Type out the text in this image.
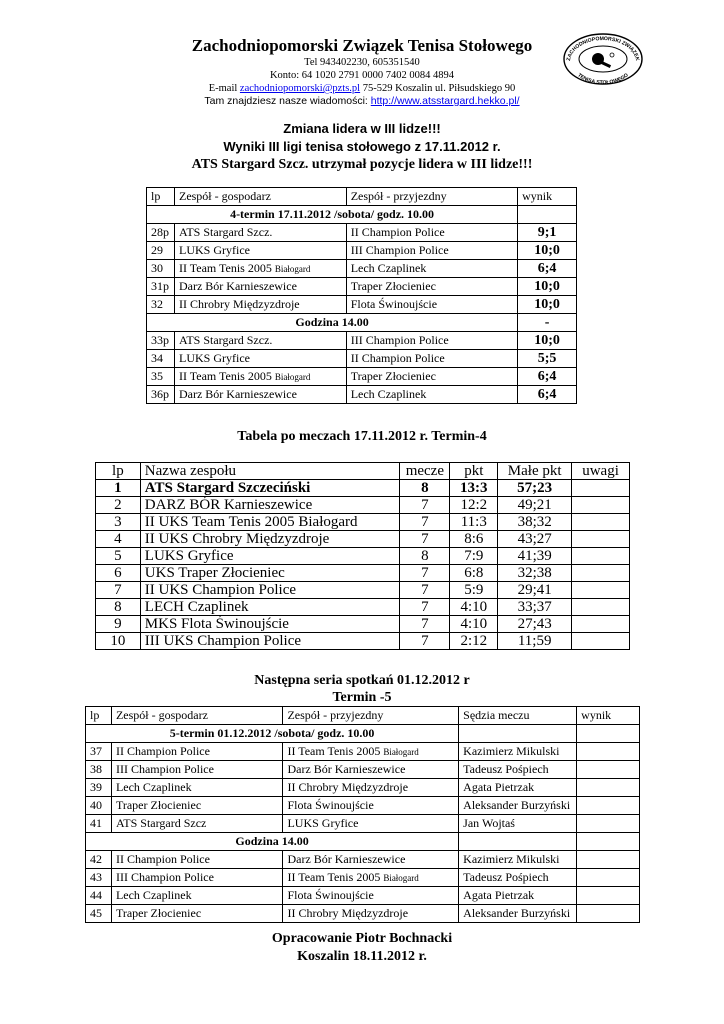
Zachodniopomorski Związek Tenisa Stołowego
Tel 943402230, 605351540
Konto: 64 1020 2791 0000 7402 0084 4894
E-mail zachodniopomorski@pzts.pl 75-529 Koszalin ul. Piłsudskiego 90
Tam znajdziesz nasze wiadomości: http://www.atsstargard.hekko.pl/
ZACHODNIOPOMORSKI ZWIĄZEK
TENISA STOŁOWEGO
Zmiana lidera w III lidze!!!
Wyniki III ligi tenisa stołowego z 17.11.2012 r.
ATS Stargard Szcz. utrzymał pozycje lidera w III lidze!!!
lp	Zespół - gospodarz	Zespół - przyjezdny	wynik
4-termin 17.11.2012 /sobota/ godz. 10.00			
28p	ATS Stargard Szcz.	II Champion Police	9;1
29	LUKS Gryfice	III Champion Police	10;0
30	II Team Tenis 2005 Białogard	Lech Czaplinek	6;4
31p	Darz Bór Karnieszewice	Traper Złocieniec	10;0
32	II Chrobry Międzyzdroje	Flota Świnoujście	10;0
Godzina 14.00			-
33p	ATS Stargard Szcz.	III Champion Police	10;0
34	LUKS Gryfice	II Champion Police	5;5
35	II Team Tenis 2005 Białogard	Traper Złocieniec	6;4
36p	Darz Bór Karnieszewice	Lech Czaplinek	6;4
Tabela po meczach 17.11.2012 r. Termin-4
lp	Nazwa zespołu	mecze	pkt	Małe pkt	uwagi
1	ATS Stargard Szczeciński	8	13:3	57;23	
2	DARZ BÓR Karnieszewice	7	12:2	49;21	
3	II UKS Team Tenis 2005 Białogard	7	11:3	38;32	
4	II UKS Chrobry Międzyzdroje	7	8:6	43;27	
5	LUKS Gryfice	8	7:9	41;39	
6	UKS Traper Złocieniec	7	6:8	32;38	
7	II UKS Champion Police	7	5:9	29;41	
8	LECH Czaplinek	7	4:10	33;37	
9	MKS Flota Świnoujście	7	4:10	27;43	
10	III UKS Champion Police	7	2:12	11;59	
Następna seria spotkań 01.12.2012 r
Termin -5
lp	Zespół - gospodarz	Zespół - przyjezdny	Sędzia meczu	wynik
5-termin 01.12.2012 /sobota/ godz. 10.00				
37	II Champion Police	II Team Tenis 2005 Białogard	Kazimierz Mikulski	
38	III Champion Police	Darz Bór Karnieszewice	Tadeusz Pośpiech	
39	Lech Czaplinek	II Chrobry Międzyzdroje	Agata Pietrzak	
40	Traper Złocieniec	Flota Świnoujście	Aleksander Burzyński	
41	ATS Stargard Szcz	LUKS Gryfice	Jan Wojtaś	
Godzina 14.00				
42	II Champion Police	Darz Bór Karnieszewice	Kazimierz Mikulski	
43	III Champion Police	II Team Tenis 2005 Białogard	Tadeusz Pośpiech	
44	Lech Czaplinek	Flota Świnoujście	Agata Pietrzak	
45	Traper Złocieniec	II Chrobry Międzyzdroje	Aleksander Burzyński	
Opracowanie Piotr Bochnacki
Koszalin 18.11.2012 r.
